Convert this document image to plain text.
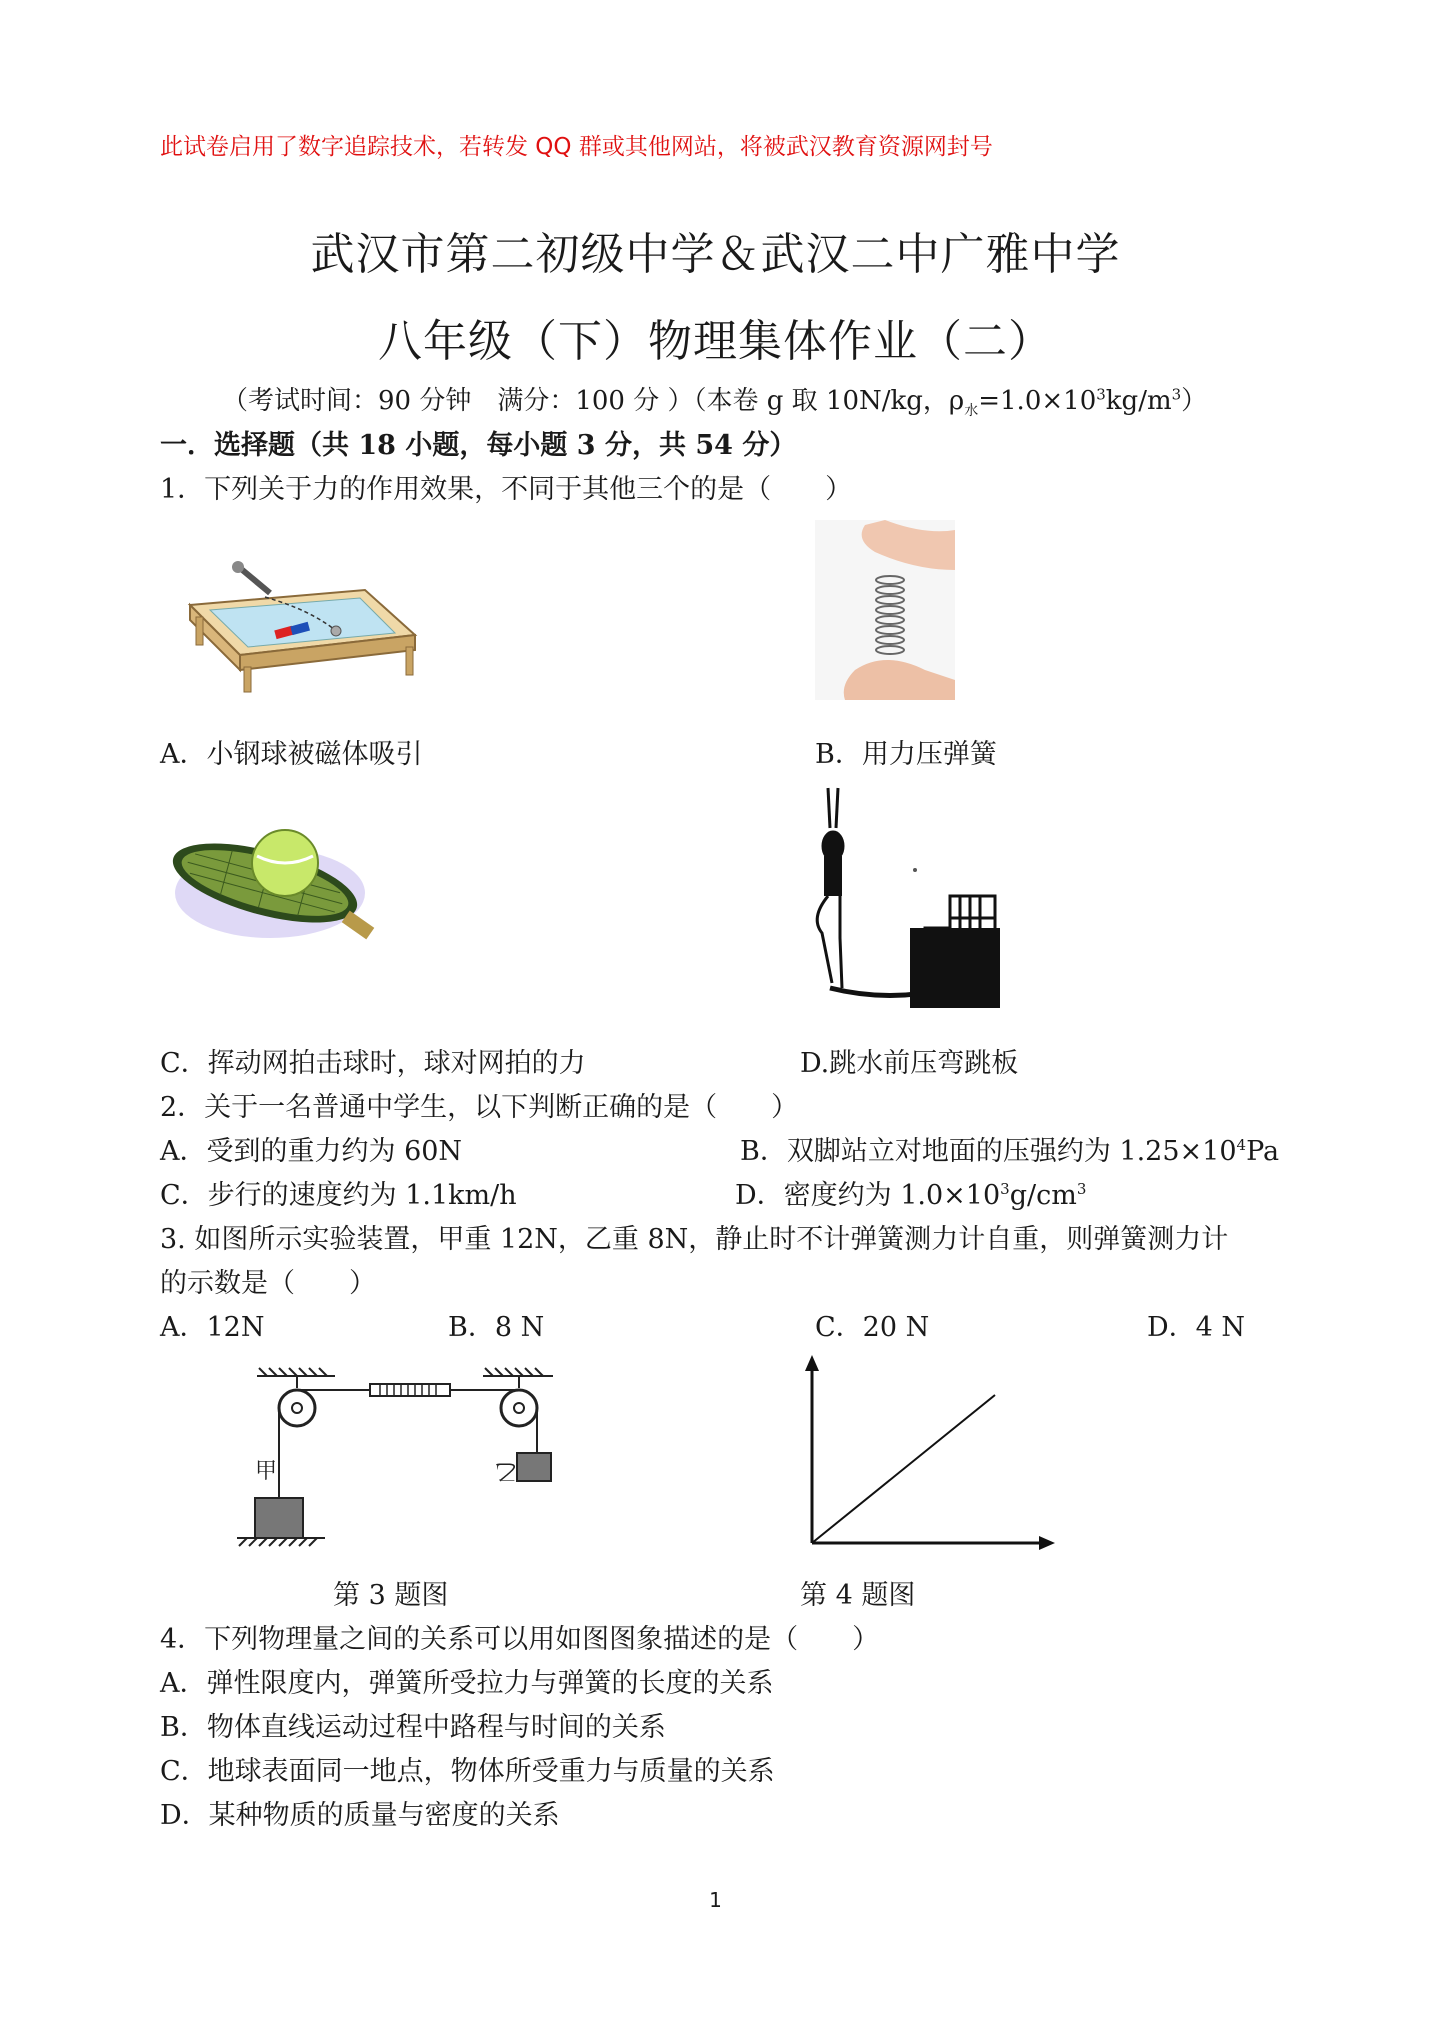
此试卷启用了数字追踪技术，若转发 QQ 群或其他网站，将被武汉教育资源网封号
武汉市第二初级中学＆武汉二中广雅中学
八年级（下）物理集体作业（二）
（考试时间：90 分钟　满分：100 分 ）（本卷 g 取 10N/kg，$\rho_水=1.0\times 10^3kg/m^3$）
一．选择题（共 18 小题，每小题 3 分，共 54 分）
1．下列关于力的作用效果，不同于其他三个的是（　　）
A．小钢球被磁体吸引	B．用力压弹簧
C．挥动网拍击球时，球对网拍的力	D.跳水前压弯跳板
2．关于一名普通中学生，以下判断正确的是（　　）
A．受到的重力约为 60N	B．双脚站立对地面的压强约为 $1.25\times 10^4Pa$
C．步行的速度约为 1.1km/h	D．密度约为 $1.0\times 10^3g/cm^3$
3. 如图所示实验装置，甲重 12N，乙重 8N，静止时不计弹簧测力计自重，则弹簧测力计
的示数是（　　）
A．12N	B．8 N	C．20 N	D．4 N
甲	乙
第 3 题图	第 4 题图
4．下列物理量之间的关系可以用如图图象描述的是（　　）
A．弹性限度内，弹簧所受拉力与弹簧的长度的关系
B．物体直线运动过程中路程与时间的关系
C．地球表面同一地点，物体所受重力与质量的关系
D．某种物质的质量与密度的关系
1
